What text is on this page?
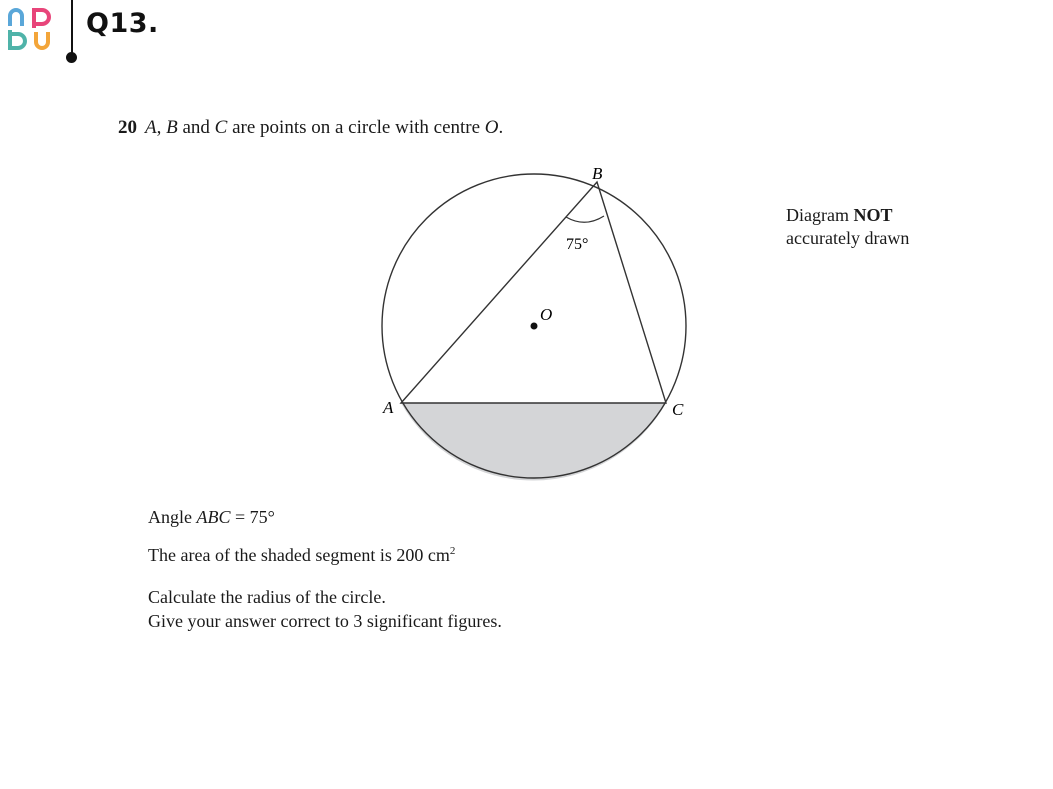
Q13.
20 A, B and C are points on a circle with centre O.
B
A	C
O
75°
Diagram NOT
accurately drawn
Angle ABC = 75°
The area of the shaded segment is 200 $cm^2$
Calculate the radius of the circle.
Give your answer correct to 3 significant figures.
